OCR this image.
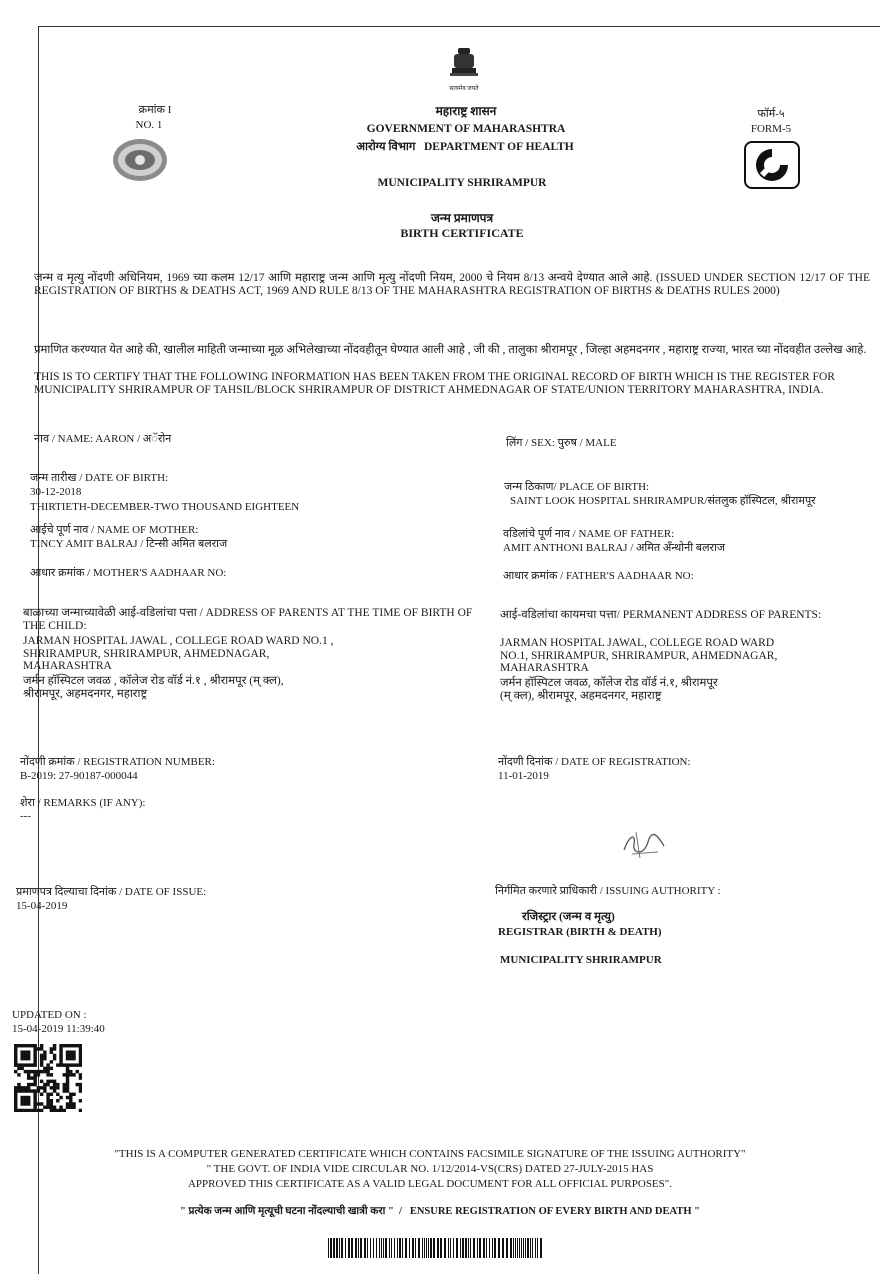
सत्यमेव जयते
क्रमांक I
NO. 1
महाराष्ट्र शासन
GOVERNMENT OF MAHARASHTRA
आरोग्य विभाग   DEPARTMENT OF HEALTH
फॉर्म-५
FORM-5
MUNICIPALITY SHRIRAMPUR
जन्म प्रमाणपत्र
BIRTH CERTIFICATE
जन्म व मृत्यु नोंदणी अधिनियम, 1969 च्या कलम 12/17 आणि महाराष्ट्र जन्म आणि मृत्यु नोंदणी नियम, 2000 चे नियम 8/13 अन्वये देण्यात आले आहे. (ISSUED UNDER SECTION 12/17 OF THE REGISTRATION OF BIRTHS & DEATHS ACT, 1969 AND RULE 8/13 OF THE MAHARASHTRA REGISTRATION OF BIRTHS & DEATHS RULES 2000)
प्रमाणित करण्यात येत आहे की, खालील माहिती जन्माच्या मूळ अभिलेखाच्या नोंदवहीतून घेण्यात आली आहे , जी की , तालुका श्रीरामपूर , जिल्हा अहमदनगर , महाराष्ट्र राज्या, भारत च्या नोंदवहीत उल्लेख आहे.
THIS IS TO CERTIFY THAT THE FOLLOWING INFORMATION HAS BEEN TAKEN FROM THE ORIGINAL RECORD OF BIRTH WHICH IS THE REGISTER FOR MUNICIPALITY SHRIRAMPUR OF TAHSIL/BLOCK SHRIRAMPUR OF DISTRICT AHMEDNAGAR OF STATE/UNION TERRITORY MAHARASHTRA, INDIA.
नाव / NAME: AARON / अॅरोन	लिंग / SEX: पुरुष / MALE
जन्म तारीख / DATE OF BIRTH:
30-12-2018
THIRTIETH-DECEMBER-TWO THOUSAND EIGHTEEN
जन्म ठिकाण/ PLACE OF BIRTH:
SAINT LOOK HOSPITAL SHRIRAMPUR/संतलुक हॉस्पिटल, श्रीरामपूर
आईचे पूर्ण नाव / NAME OF MOTHER:
TINCY AMIT BALRAJ / टिन्सी अमित बलराज
वडिलांचे पूर्ण नाव / NAME OF FATHER:
AMIT ANTHONI BALRAJ / अमित अँन्थोनी बलराज
आधार क्रमांक / MOTHER'S AADHAAR NO:	आधार क्रमांक / FATHER'S AADHAAR NO:
बाळाच्या जन्माच्यावेळी आई-वडिलांचा पत्ता / ADDRESS OF PARENTS AT THE TIME OF BIRTH OF THE CHILD:
JARMAN HOSPITAL JAWAL , COLLEGE ROAD WARD NO.1 , SHRIRAMPUR, SHRIRAMPUR, AHMEDNAGAR, MAHARASHTRA
जर्मन हॉस्पिटल जवळ , कॉलेज रोड वॉर्ड नं.१ , श्रीरामपूर (म् क्ल), श्रीरामपूर, अहमदनगर, महाराष्ट्र
आई-वडिलांचा कायमचा पत्ता/ PERMANENT ADDRESS OF PARENTS:
JARMAN HOSPITAL JAWAL, COLLEGE ROAD WARD NO.1, SHRIRAMPUR, SHRIRAMPUR, AHMEDNAGAR, MAHARASHTRA
जर्मन हॉस्पिटल जवळ, कॉलेज रोड वॉर्ड नं.१, श्रीरामपूर (म् क्ल), श्रीरामपूर, अहमदनगर, महाराष्ट्र
नोंदणी क्रमांक / REGISTRATION NUMBER:
B-2019: 27-90187-000044
नोंदणी दिनांक / DATE OF REGISTRATION:
11-01-2019
शेरा / REMARKS (IF ANY):
---
प्रमाणपत्र दिल्याचा दिनांक / DATE OF ISSUE:
15-04-2019
निर्गमित करणारे प्राधिकारी / ISSUING AUTHORITY :
रजिस्ट्रार (जन्म व मृत्यु)
REGISTRAR (BIRTH & DEATH)
MUNICIPALITY SHRIRAMPUR
UPDATED ON :
15-04-2019 11:39:40
"THIS IS A COMPUTER GENERATED CERTIFICATE WHICH CONTAINS FACSIMILE SIGNATURE OF THE ISSUING AUTHORITY"
" THE GOVT. OF INDIA VIDE CIRCULAR NO. 1/12/2014-VS(CRS) DATED 27-JULY-2015 HAS
APPROVED THIS CERTIFICATE AS A VALID LEGAL DOCUMENT FOR ALL OFFICIAL PURPOSES".
" प्रत्येक जन्म आणि मृत्यूची घटना नोंदल्याची खात्री करा "  /   ENSURE REGISTRATION OF EVERY BIRTH AND DEATH "
